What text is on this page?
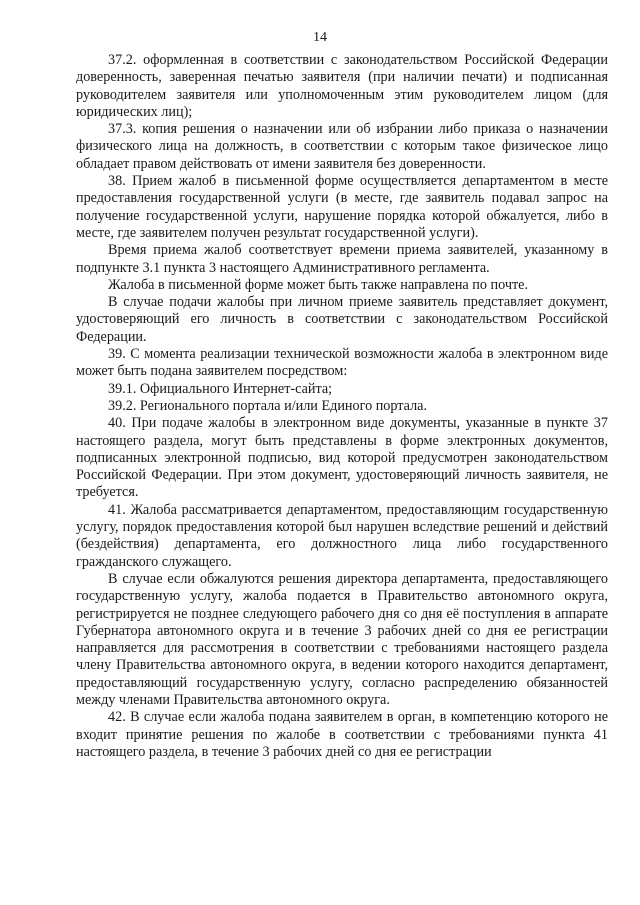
14

37.2. оформленная в соответствии с законодательством Российской Федерации доверенность, заверенная печатью заявителя (при наличии печати) и подписанная руководителем заявителя или уполномоченным этим руководителем лицом (для юридических лиц);

37.3. копия решения о назначении или об избрании либо приказа о назначении физического лица на должность, в соответствии с которым такое физическое лицо обладает правом действовать от имени заявителя без доверенности.

38. Прием жалоб в письменной форме осуществляется департаментом в месте предоставления государственной услуги (в месте, где заявитель подавал запрос на получение государственной услуги, нарушение порядка которой обжалуется, либо в месте, где заявителем получен результат государственной услуги).

Время приема жалоб соответствует времени приема заявителей, указанному в подпункте 3.1 пункта 3 настоящего Административного регламента.

Жалоба в письменной форме может быть также направлена по почте.

В случае подачи жалобы при личном приеме заявитель представляет документ, удостоверяющий его личность в соответствии с законодательством Российской Федерации.

39. С момента реализации технической возможности жалоба в электронном виде может быть подана заявителем посредством:

39.1. Официального Интернет-сайта;

39.2. Регионального портала и/или Единого портала.

40. При подаче жалобы в электронном виде документы, указанные в пункте 37 настоящего раздела, могут быть представлены в форме электронных документов, подписанных электронной подписью, вид которой предусмотрен законодательством Российской Федерации. При этом документ, удостоверяющий личность заявителя, не требуется.

41. Жалоба рассматривается департаментом, предоставляющим государственную услугу, порядок предоставления которой был нарушен вследствие решений и действий (бездействия) департамента, его должностного лица либо государственного гражданского служащего.

В случае если обжалуются решения директора департамента, предоставляющего государственную услугу, жалоба подается в Правительство автономного округа, регистрируется не позднее следующего рабочего дня со дня её поступления в аппарате Губернатора автономного округа и в течение 3 рабочих дней со дня ее регистрации направляется для рассмотрения в соответствии с требованиями настоящего раздела члену Правительства автономного округа, в ведении которого находится департамент, предоставляющий государственную услугу, согласно распределению обязанностей между членами Правительства автономного округа.

42. В случае если жалоба подана заявителем в орган, в компетенцию которого не входит принятие решения по жалобе в соответствии с требованиями пункта 41 настоящего раздела, в течение 3 рабочих дней со дня ее регистрации
